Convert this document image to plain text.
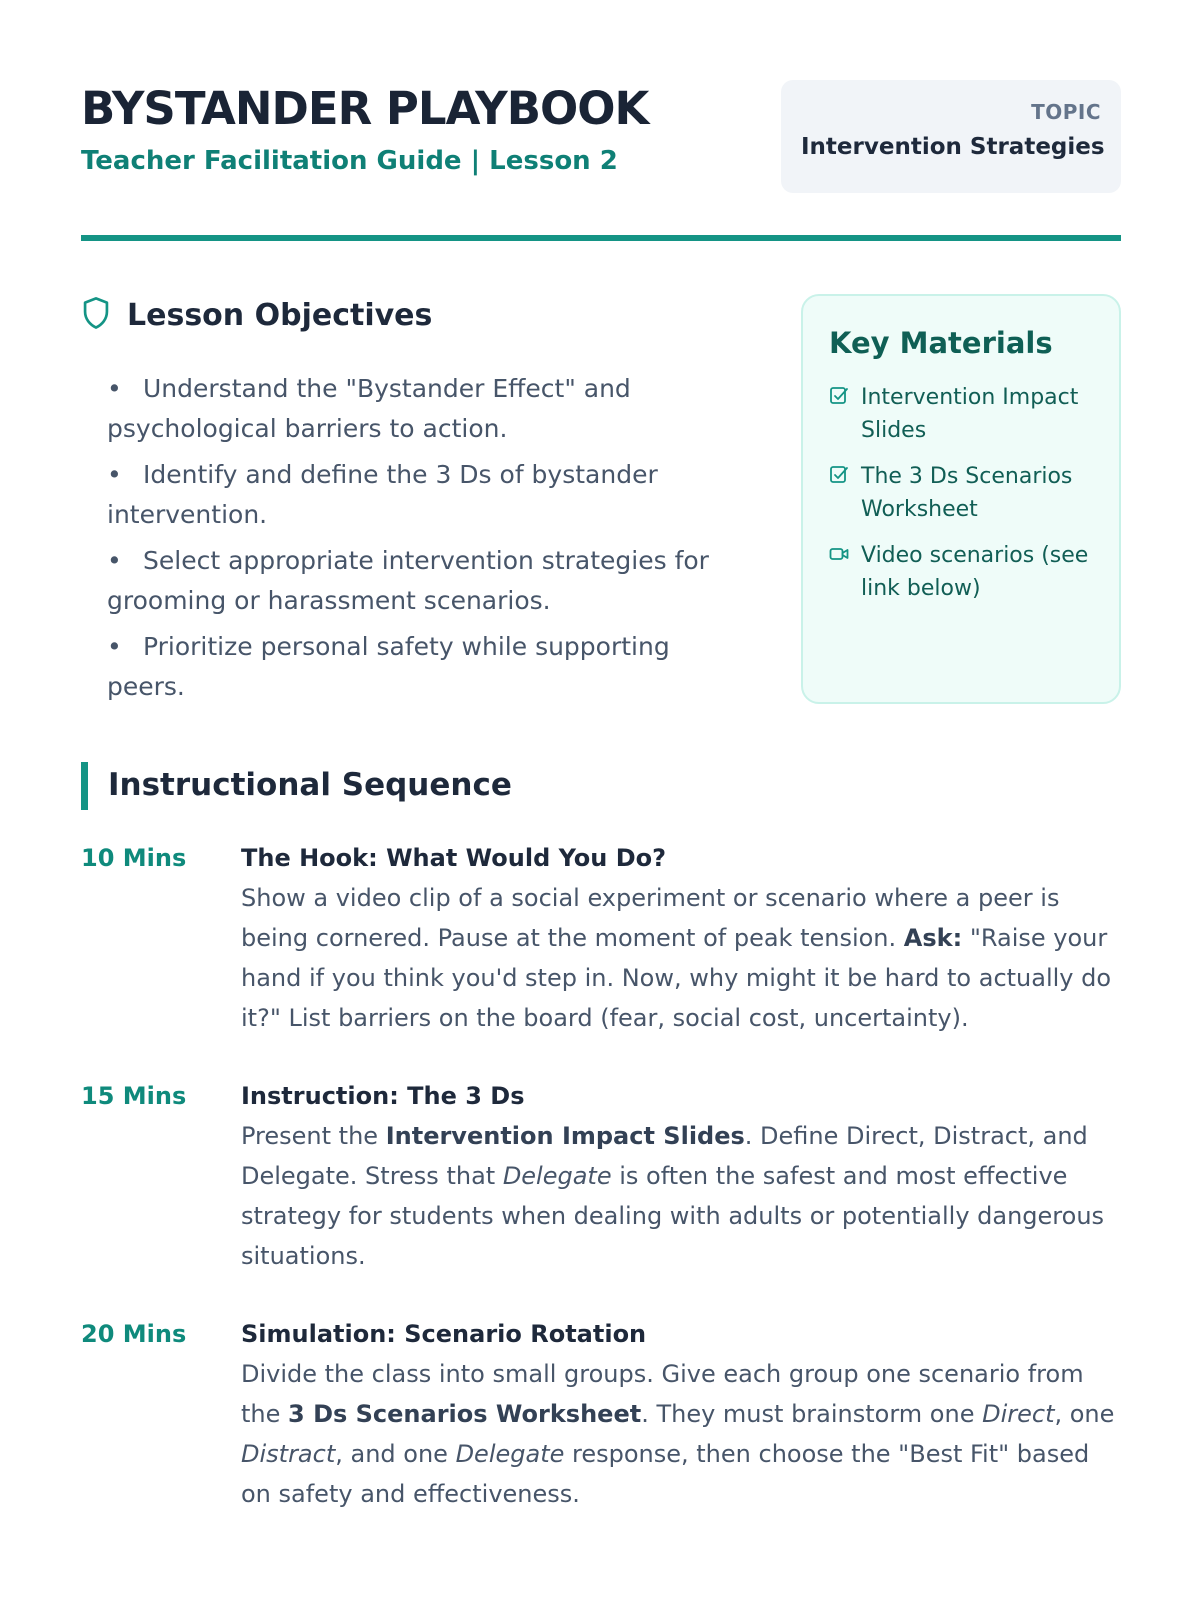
BYSTANDER PLAYBOOK
Teacher Facilitation Guide | Lesson 2
TOPIC
Intervention Strategies
Lesson Objectives
• Understand the "Bystander Effect" and psychological barriers to action.
• Identify and define the 3 Ds of bystander intervention.
• Select appropriate intervention strategies for grooming or harassment scenarios.
• Prioritize personal safety while supporting peers.
Key Materials
Intervention Impact Slides
The 3 Ds Scenarios Worksheet
Video scenarios (see link below)
Instructional Sequence
10 Mins	The Hook: What Would You Do?
Show a video clip of a social experiment or scenario where a peer is being cornered. Pause at the moment of peak tension. Ask: "Raise your hand if you think you'd step in. Now, why might it be hard to actually do it?" List barriers on the board (fear, social cost, uncertainty).
15 Mins	Instruction: The 3 Ds
Present the Intervention Impact Slides. Define Direct, Distract, and Delegate. Stress that Delegate is often the safest and most effective strategy for students when dealing with adults or potentially dangerous situations.
20 Mins	Simulation: Scenario Rotation
Divide the class into small groups. Give each group one scenario from the 3 Ds Scenarios Worksheet. They must brainstorm one Direct, one Distract, and one Delegate response, then choose the "Best Fit" based on safety and effectiveness.
